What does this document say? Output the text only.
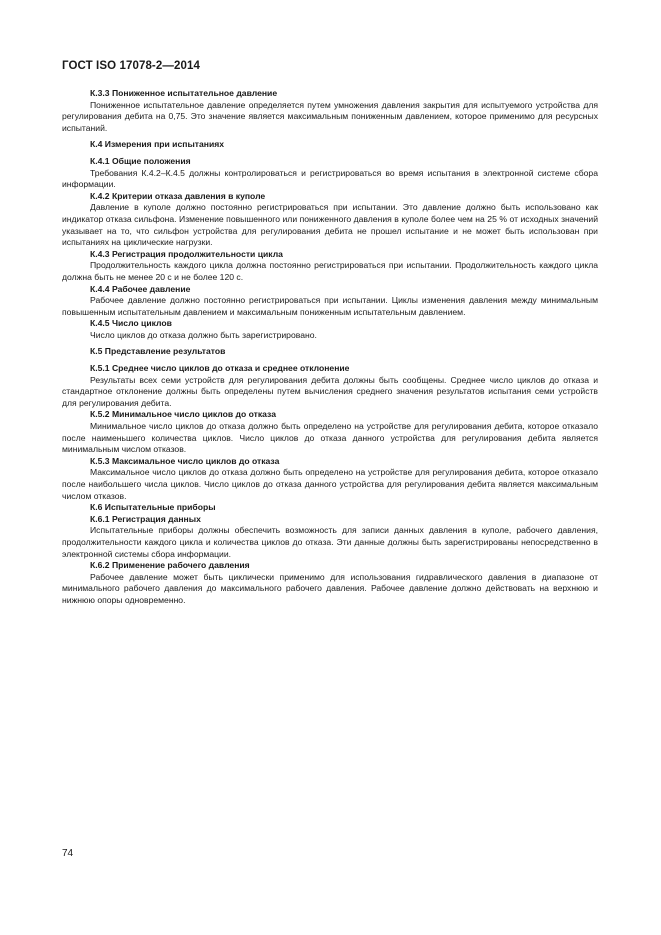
ГОСТ ISO 17078-2—2014
К.3.3 Пониженное испытательное давление
Пониженное испытательное давление определяется путем умножения давления закрытия для испытуемого устройства для регулирования дебита на 0,75. Это значение является максимальным пониженным давлением, которое применимо для ресурсных испытаний.
К.4 Измерения при испытаниях
К.4.1 Общие положения
Требования К.4.2–К.4.5 должны контролироваться и регистрироваться во время испытания в электронной системе сбора информации.
К.4.2 Критерии отказа давления в куполе
Давление в куполе должно постоянно регистрироваться при испытании. Это давление должно быть использовано как индикатор отказа сильфона. Изменение повышенного или пониженного давления в куполе более чем на 25 % от исходных значений указывает на то, что сильфон устройства для регулирования дебита не прошел испытание и не может быть использован при испытаниях на циклические нагрузки.
К.4.3 Регистрация продолжительности цикла
Продолжительность каждого цикла должна постоянно регистрироваться при испытании. Продолжительность каждого цикла должна быть не менее 20 с и не более 120 с.
К.4.4 Рабочее давление
Рабочее давление должно постоянно регистрироваться при испытании. Циклы изменения давления между минимальным повышенным испытательным давлением и максимальным пониженным испытательным давлением.
К.4.5 Число циклов
Число циклов до отказа должно быть зарегистрировано.
К.5 Представление результатов
К.5.1 Среднее число циклов до отказа и среднее отклонение
Результаты всех семи устройств для регулирования дебита должны быть сообщены. Среднее число циклов до отказа и стандартное отклонение должны быть определены путем вычисления среднего значения результатов испытания семи устройств для регулирования дебита.
К.5.2 Минимальное число циклов до отказа
Минимальное число циклов до отказа должно быть определено на устройстве для регулирования дебита, которое отказало после наименьшего количества циклов. Число циклов до отказа данного устройства для регулирования дебита является минимальным числом отказов.
К.5.3 Максимальное число циклов до отказа
Максимальное число циклов до отказа должно быть определено на устройстве для регулирования дебита, которое отказало после наибольшего числа циклов. Число циклов до отказа данного устройства для регулирования дебита является максимальным числом отказов.
К.6 Испытательные приборы
К.6.1 Регистрация данных
Испытательные приборы должны обеспечить возможность для записи данных давления в куполе, рабочего давления, продолжительности каждого цикла и количества циклов до отказа. Эти данные должны быть зарегистрированы непосредственно в электронной системы сбора информации.
К.6.2 Применение рабочего давления
Рабочее давление может быть циклически применимо для использования гидравлического давления в диапазоне от минимального рабочего давления до максимального рабочего давления. Рабочее давление должно действовать на верхнюю и нижнюю опоры одновременно.
74
